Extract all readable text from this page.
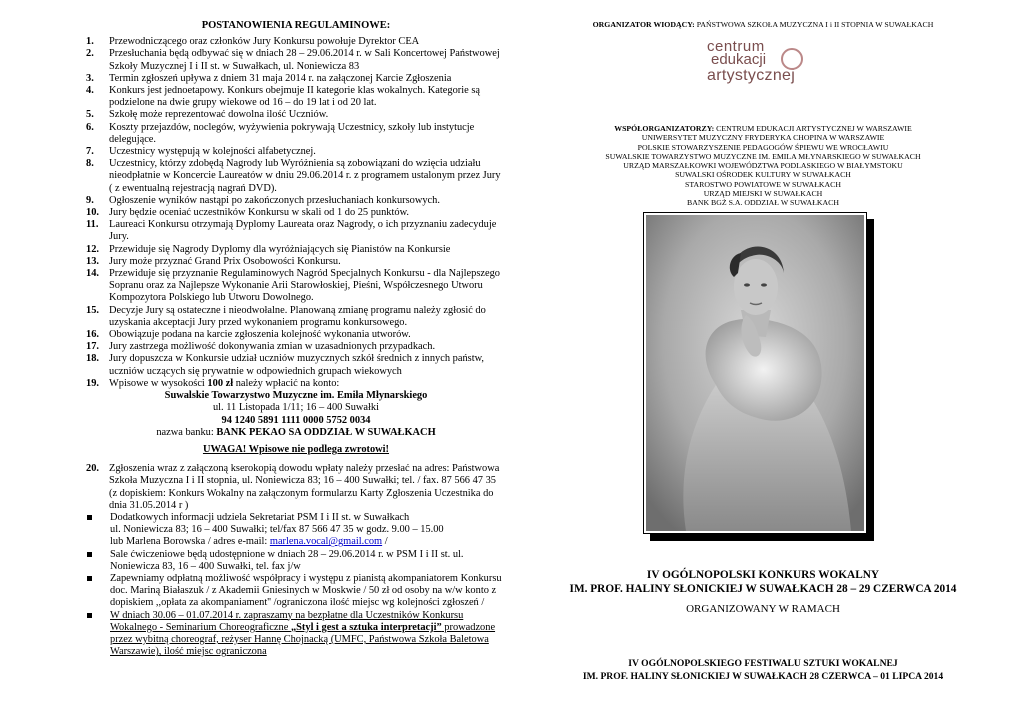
POSTANOWIENIA REGULAMINOWE:
1.	Przewodniczącego oraz członków Jury Konkursu powołuje Dyrektor CEA
2.	Przesłuchania będą odbywać się w dniach 28 – 29.06.2014 r. w Sali Koncertowej Państwowej Szkoły Muzycznej I i II st. w Suwałkach, ul. Noniewicza 83
3.	Termin zgłoszeń upływa z dniem 31 maja 2014 r. na załączonej Karcie Zgłoszenia
4.	Konkurs jest jednoetapowy. Konkurs obejmuje II kategorie klas wokalnych. Kategorie są podzielone na dwie grupy wiekowe od 16 – do 19 lat i od 20 lat.
5.	Szkołę może reprezentować dowolna ilość Uczniów.
6.	Koszty przejazdów, noclegów, wyżywienia pokrywają Uczestnicy, szkoły lub instytucje delegujące.
7.	Uczestnicy występują w kolejności alfabetycznej.
8.	Uczestnicy, którzy zdobędą Nagrody lub Wyróżnienia są zobowiązani do wzięcia udziału nieodpłatnie w Koncercie Laureatów w dniu 29.06.2014 r. z programem ustalonym przez Jury ( z ewentualną rejestracją nagrań DVD).
9.	Ogłoszenie wyników nastąpi po zakończonych przesłuchaniach konkursowych.
10. Jury będzie oceniać uczestników Konkursu w skali od 1 do 25 punktów.
11.	Laureaci Konkursu otrzymają Dyplomy Laureata oraz Nagrody, o ich przyznaniu zadecyduje Jury.
12. Przewiduje się Nagrody Dyplomy dla wyróżniających się Pianistów na Konkursie
13. Jury może przyznać Grand Prix Osobowości Konkursu.
14. Przewiduje się przyznanie Regulaminowych Nagród Specjalnych Konkursu - dla Najlepszego Sopranu oraz za Najlepsze Wykonanie Arii Starowłoskiej, Pieśni, Współczesnego Utworu Kompozytora Polskiego lub Utworu Dowolnego.
15. Decyzje Jury są ostateczne i nieodwołalne. Planowaną zmianę programu należy zgłosić do uzyskania akceptacji Jury przed wykonaniem programu konkursowego.
16. Obowiązuje podana na karcie zgłoszenia kolejność wykonania utworów.
17. Jury zastrzega możliwość dokonywania zmian w uzasadnionych przypadkach.
18. Jury dopuszcza w Konkursie udział uczniów muzycznych szkół średnich z innych państw, uczniów uczących się prywatnie w odpowiednich grupach wiekowych
19. Wpisowe w wysokości 100 zł należy wpłacić na konto:
Suwalskie Towarzystwo Muzyczne im. Emiła Młynarskiego
ul. 11 Listopada 1/11; 16 – 400 Suwałki
94 1240 5891 1111 0000 5752 0034
nazwa banku: BANK PEKAO SA ODDZIAŁ W SUWAŁKACH
UWAGA! Wpisowe nie podlega zwrotowi!
20. Zgłoszenia wraz z załączoną kserokopią dowodu wpłaty należy przesłać na adres: Państwowa Szkoła Muzyczna I i II stopnia, ul. Noniewicza 83; 16 – 400 Suwałki; tel. / fax. 87 566 47 35 (z dopiskiem: Konkurs Wokalny na załączonym formularzu Karty Zgłoszenia Uczestnika do dnia 31.05.2014 r )
Dodatkowych informacji udziela Sekretariat PSM I i II st. w Suwałkach
ul. Noniewicza 83; 16 – 400 Suwałki; tel/fax 87 566 47 35 w godz. 9.00 – 15.00
lub Marlena Borowska / adres e-mail: marlena.vocal@gmail.com /
Sale ćwiczeniowe będą udostępnione w dniach 28 – 29.06.2014 r. w PSM I i II st. ul. Noniewicza 83, 16 – 400 Suwałki, tel. fax j/w
Zapewniamy odpłatną możliwość współpracy i występu z pianistą akompaniatorem Konkursu doc. Mariną Białaszuk / z Akademii Gniesinych w Moskwie / 50 zł od osoby na w/w konto z dopiskiem ,,opłata za akompaniament'' /ograniczona ilość miejsc wg kolejności zgłoszeń /
W dniach 30.06 – 01.07.2014 r. zapraszamy na bezpłatne dla Uczestników Konkursu Wokalnego - Seminarium Choreograficzne „Styl i gest a sztuka interpretacji” prowadzone przez wybitną choreograf, reżyser Hannę Chojnacką (UMFC, Państwowa Szkoła Baletowa Warszawie), ilość miejsc ograniczona
ORGANIZATOR WIODĄCY: PAŃSTWOWA SZKOŁA MUZYCZNA I i II STOPNIA W SUWAŁKACH
centrum
edukacji
artystycznej
WSPÓŁORGANIZATORZY: CENTRUM EDUKACJI ARTYSTYCZNEJ W WARSZAWIE
UNIWERSYTET MUZYCZNY FRYDERYKA CHOPINA W WARSZAWIE
POLSKIE STOWARZYSZENIE PEDAGOGÓW ŚPIEWU WE WROCŁAWIU
SUWALSKIE TOWARZYSTWO MUZYCZNE IM. EMILA MŁYNARSKIEGO W SUWAŁKACH
URZĄD MARSZAŁKOWKI WOJEWÓDZTWA PODLASKIEGO W BIAŁYMSTOKU
SUWALSKI OŚRODEK KULTURY W SUWAŁKACH
STAROSTWO POWIATOWE W SUWAŁKACH
URZĄD MIEJSKI W SUWAŁKACH
BANK BGŻ S.A. ODDZIAŁ W SUWAŁKACH
IV OGÓLNOPOLSKI KONKURS WOKALNY
IM. PROF. HALINY SŁONICKIEJ W SUWAŁKACH 28 – 29 CZERWCA 2014
ORGANIZOWANY W RAMACH
IV OGÓLNOPOLSKIEGO FESTIWALU SZTUKI WOKALNEJ
IM. PROF. HALINY SŁONICKIEJ W SUWAŁKACH 28 CZERWCA – 01 LIPCA 2014
